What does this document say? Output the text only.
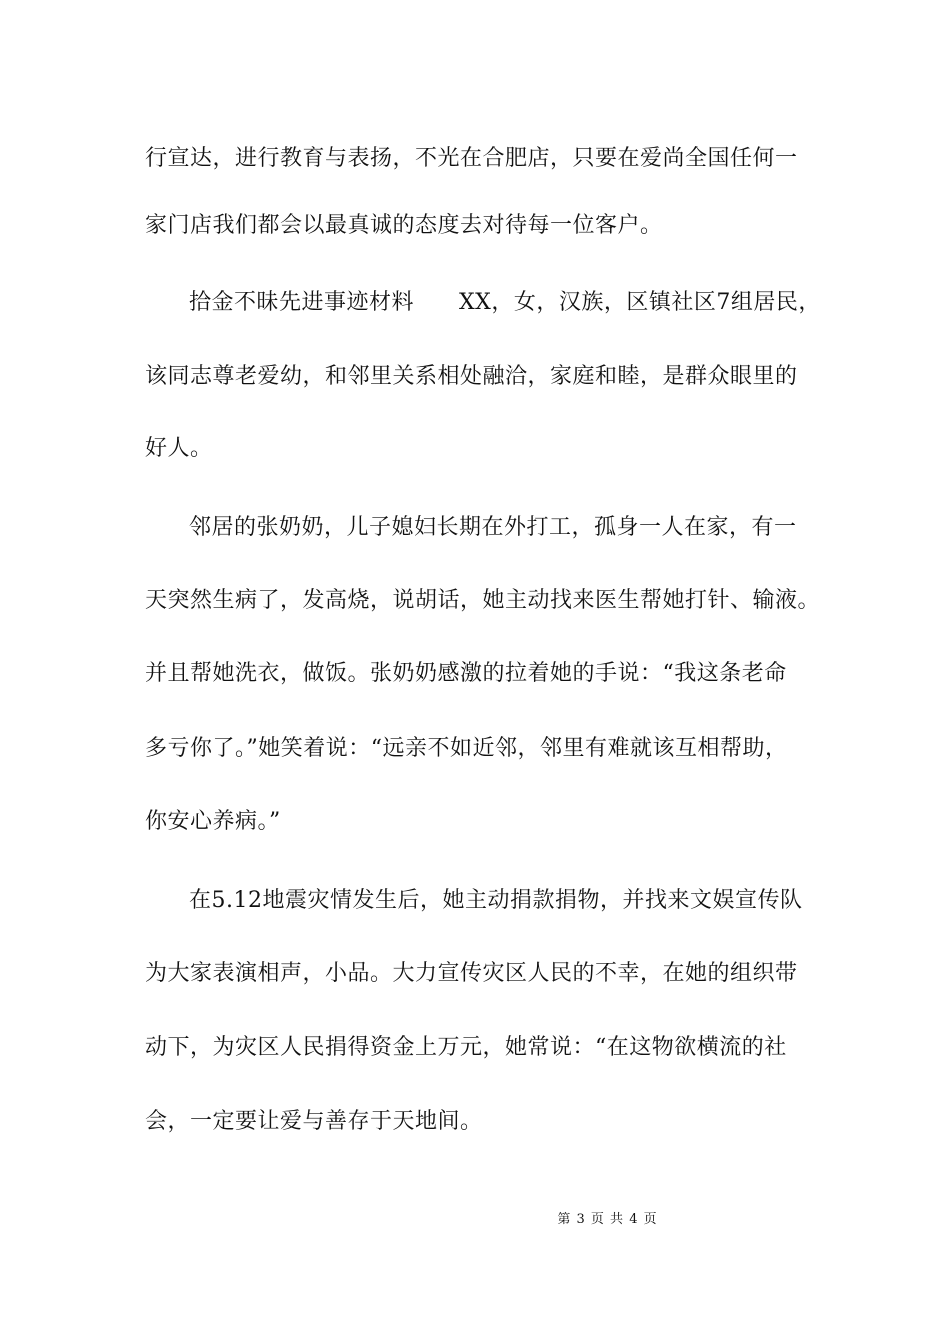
行宣达，进行教育与表扬，不光在合肥店，只要在爱尚全国任何一
家门店我们都会以最真诚的态度去对待每一位客户。
拾金不昧先进事迹材料　　XX，女，汉族，区镇社区7组居民，
该同志尊老爱幼，和邻里关系相处融洽，家庭和睦，是群众眼里的
好人。
邻居的张奶奶，儿子媳妇长期在外打工，孤身一人在家，有一
天突然生病了，发高烧，说胡话，她主动找来医生帮她打针、输液。
并且帮她洗衣，做饭。张奶奶感激的拉着她的手说：“我这条老命
多亏你了。”她笑着说：“远亲不如近邻，邻里有难就该互相帮助，
你安心养病。”
在5.12地震灾情发生后，她主动捐款捐物，并找来文娱宣传队
为大家表演相声，小品。大力宣传灾区人民的不幸，在她的组织带
动下，为灾区人民捐得资金上万元，她常说：“在这物欲横流的社
会，一定要让爱与善存于天地间。
第 3 页 共 4 页
